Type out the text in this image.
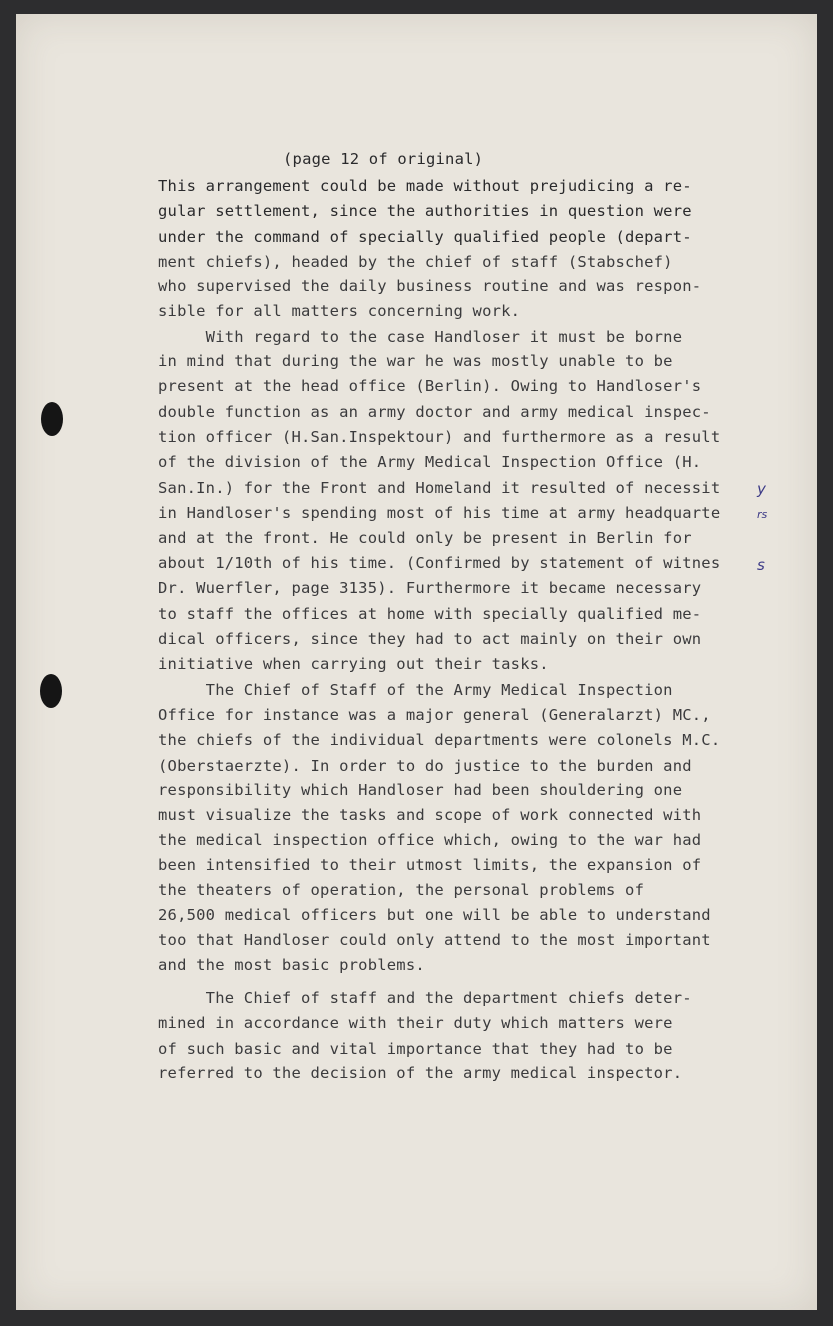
(page 12 of original)
This arrangement could be made without prejudicing a re-
gular settlement, since the authorities in question were
under the command of specially qualified people (depart-
ment chiefs), headed by the chief of staff (Stabschef)
who supervised the daily business routine and was respon-
sible for all matters concerning work.
With regard to the case Handloser it must be borne
in mind that during the war he was mostly unable to be
present at the head office (Berlin). Owing to Handloser's
double function as an army doctor and army medical inspec-
tion officer (H.San.Inspektour) and furthermore as a result
of the division of the Army Medical Inspection Office (H.
San.In.) for the Front and Homeland it resulted of necessit
in Handloser's spending most of his time at army headquarte
and at the front. He could only be present in Berlin for
about 1/10th of his time. (Confirmed by statement of witnes
Dr. Wuerfler, page 3135). Furthermore it became necessary
to staff the offices at home with specially qualified me-
dical officers, since they had to act mainly on their own
initiative when carrying out their tasks.
The Chief of Staff of the Army Medical Inspection
Office for instance was a major general (Generalarzt) MC.,
the chiefs of the individual departments were colonels M.C.
(Oberstaerzte). In order to do justice to the burden and
responsibility which Handloser had been shouldering one
must visualize the tasks and scope of work connected with
the medical inspection office which, owing to the war had
been intensified to their utmost limits, the expansion of
the theaters of operation, the personal problems of
26,500 medical officers but one will be able to understand
too that Handloser could only attend to the most important
and the most basic problems.
The Chief of staff and the department chiefs deter-
mined in accordance with their duty which matters were
of such basic and vital importance that they had to be
referred to the decision of the army medical inspector.
y
rs
s
